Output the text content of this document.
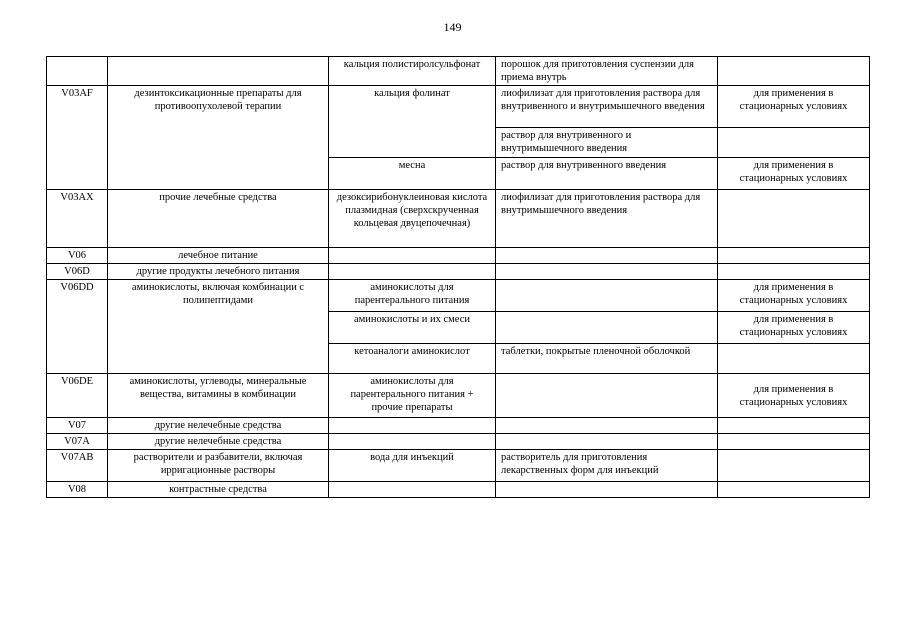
149
		кальция полистиролсульфонат	порошок для приготовления суспензии для приема внутрь	
V03AF	дезинтоксикационные препараты для противоопухолевой терапии	кальция фолинат	лиофилизат для приготовления раствора для внутривенного и внутримышечного введения	для применения в стационарных условиях
			раствор для внутривенного и внутримышечного введения	
		месна	раствор для внутривенного введения	для применения в стационарных условиях
V03AX	прочие лечебные средства	дезоксирибонуклеиновая кислота плазмидная (сверхскрученная кольцевая двуцепочечная)	лиофилизат для приготовления раствора для внутримышечного введения	
V06	лечебное питание			
V06D	другие продукты лечебного питания			
V06DD	аминокислоты, включая комбинации с полипептидами	аминокислоты для парентерального питания		для применения в стационарных условиях
		аминокислоты и их смеси		для применения в стационарных условиях
		кетоаналоги аминокислот	таблетки, покрытые пленочной оболочкой	
V06DE	аминокислоты, углеводы, минеральные вещества, витамины в комбинации	аминокислоты для парентерального питания + прочие препараты		для применения в стационарных условиях
V07	другие нелечебные средства			
V07A	другие нелечебные средства			
V07AB	растворители и разбавители, включая ирригационные растворы	вода для инъекций	растворитель для приготовления лекарственных форм для инъекций	
V08	контрастные средства			
